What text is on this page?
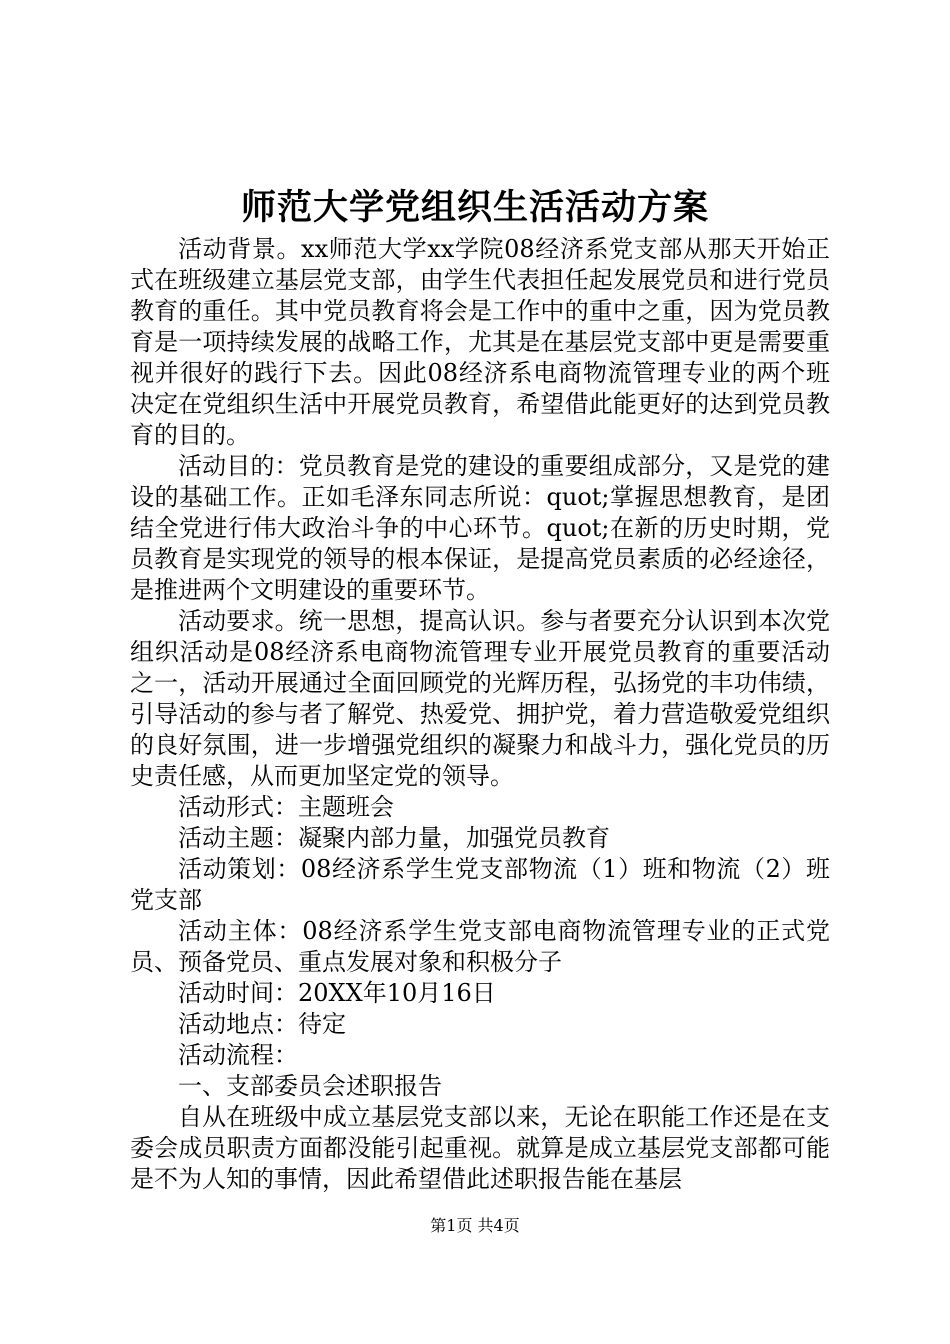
师范大学党组织生活活动方案

活动背景。xx师范大学xx学院08经济系党支部从那天开始正式在班级建立基层党支部，由学生代表担任起发展党员和进行党员教育的重任。其中党员教育将会是工作中的重中之重，因为党员教育是一项持续发展的战略工作，尤其是在基层党支部中更是需要重视并很好的践行下去。因此08经济系电商物流管理专业的两个班决定在党组织生活中开展党员教育，希望借此能更好的达到党员教育的目的。

活动目的：党员教育是党的建设的重要组成部分，又是党的建设的基础工作。正如毛泽东同志所说：quot;掌握思想教育，是团结全党进行伟大政治斗争的中心环节。quot;在新的历史时期，党员教育是实现党的领导的根本保证，是提高党员素质的必经途径，是推进两个文明建设的重要环节。

活动要求。统一思想，提高认识。参与者要充分认识到本次党组织活动是08经济系电商物流管理专业开展党员教育的重要活动之一，活动开展通过全面回顾党的光辉历程，弘扬党的丰功伟绩，引导活动的参与者了解党、热爱党、拥护党，着力营造敬爱党组织的良好氛围，进一步增强党组织的凝聚力和战斗力，强化党员的历史责任感，从而更加坚定党的领导。

活动形式：主题班会

活动主题：凝聚内部力量，加强党员教育

活动策划：08经济系学生党支部物流（1）班和物流（2）班党支部

活动主体：08经济系学生党支部电商物流管理专业的正式党员、预备党员、重点发展对象和积极分子

活动时间：20XX年10月16日

活动地点：待定

活动流程：

一、支部委员会述职报告

自从在班级中成立基层党支部以来，无论在职能工作还是在支委会成员职责方面都没能引起重视。就算是成立基层党支部都可能是不为人知的事情，因此希望借此述职报告能在基层

第1页 共4页
